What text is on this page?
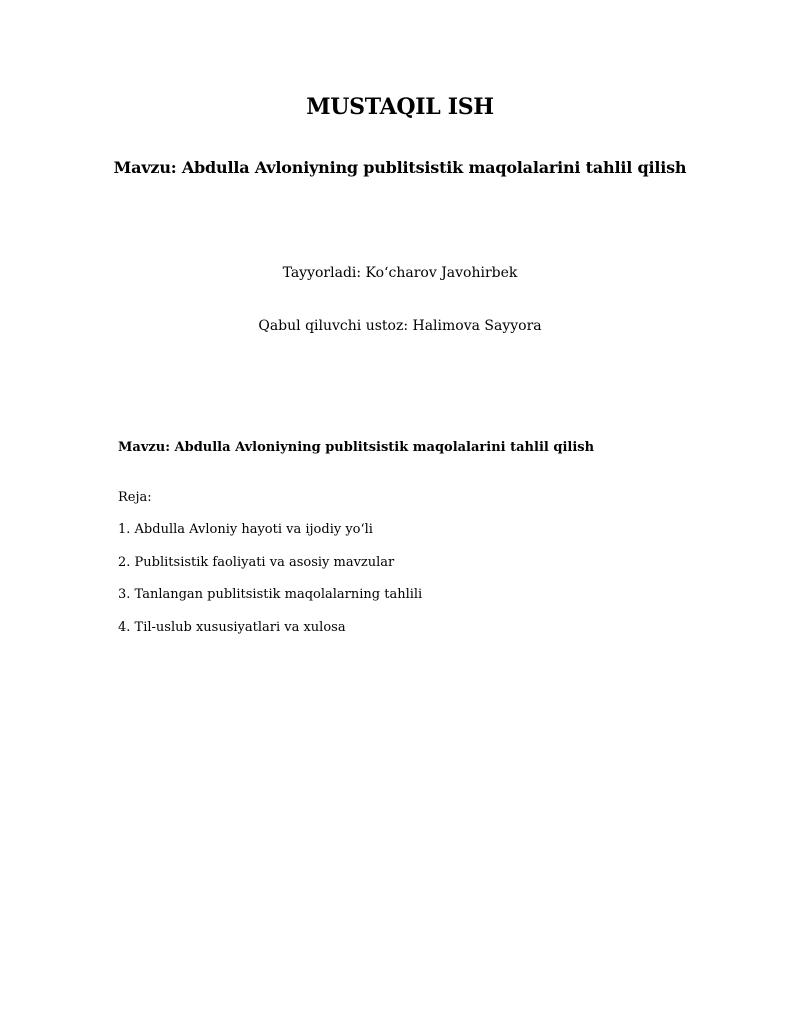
MUSTAQIL ISH
Mavzu: Abdulla Avloniyning publitsistik maqolalarini tahlil qilish

Tayyorladi: Ko‘charov Javohirbek

Qabul qiluvchi ustoz: Halimova Sayyora

Mavzu: Abdulla Avloniyning publitsistik maqolalarini tahlil qilish

Reja:

1. Abdulla Avloniy hayoti va ijodiy yo‘li
2. Publitsistik faoliyati va asosiy mavzular
3. Tanlangan publitsistik maqolalarning tahlili
4. Til-uslub xususiyatlari va xulosa
